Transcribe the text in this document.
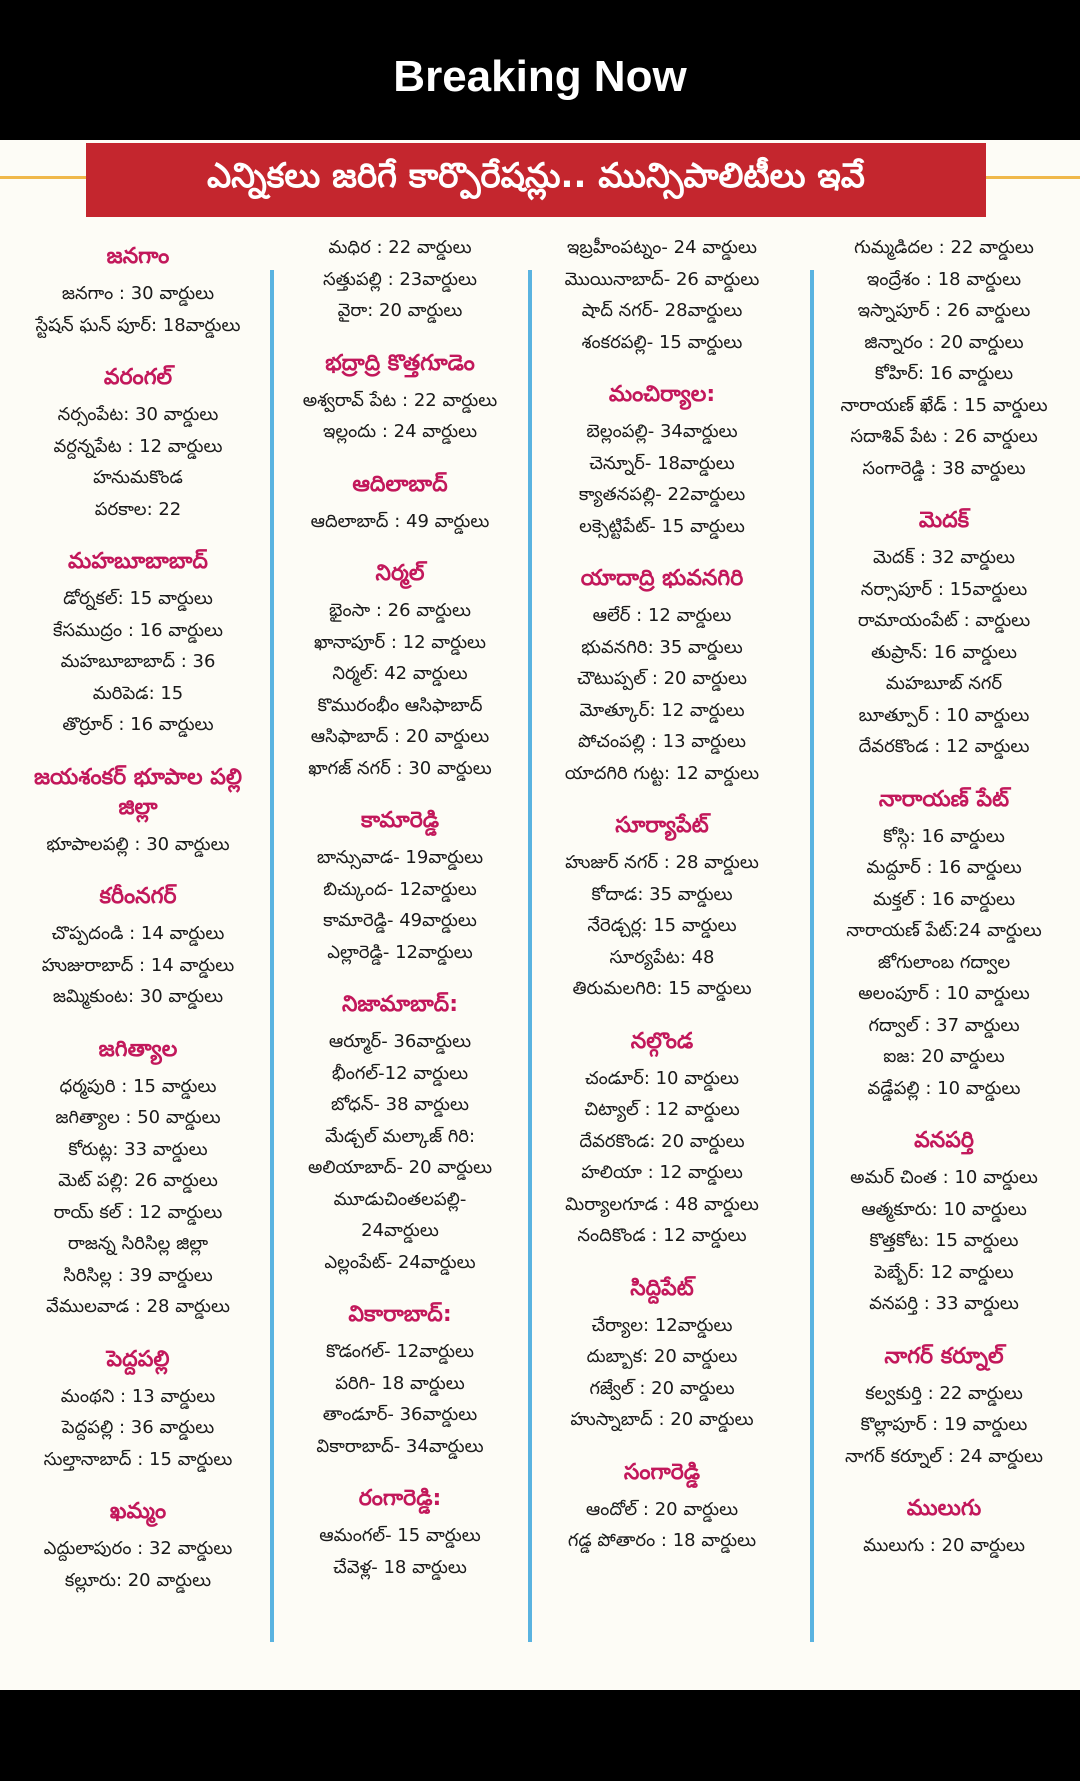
Breaking Now
ఎన్నికలు జరిగే కార్పొరేషన్లు.. మున్సిపాలిటీలు ఇవే
జనగాం
జనగాం : 30 వార్డులు
స్టేషన్ ఘన్ పూర్: 18వార్డులు
వరంగల్
నర్సంపేట: 30 వార్డులు
వర్దన్నపేట : 12 వార్డులు
హనుమకొండ
పరకాల: 22
మహబూబాబాద్
డోర్నకల్: 15 వార్డులు
కేసముద్రం : 16 వార్డులు
మహబూబాబాద్ : 36
మరిపెడ: 15
తొర్రూర్ : 16 వార్డులు
జయశంకర్ భూపాల పల్లి జిల్లా
భూపాలపల్లి : 30 వార్డులు
కరీంనగర్
చొప్పదండి : 14 వార్డులు
హుజురాబాద్ : 14 వార్డులు
జమ్మికుంట: 30 వార్డులు
జగిత్యాల
ధర్మపురి : 15 వార్డులు
జగిత్యాల : 50 వార్డులు
కోరుట్ల: 33 వార్డులు
మెట్ పల్లి: 26 వార్డులు
రాయ్ కల్ : 12 వార్డులు
రాజన్న సిరిసిల్ల జిల్లా
సిరిసిల్ల : 39 వార్డులు
వేములవాడ : 28 వార్డులు
పెద్దపల్లి
మంథని : 13 వార్డులు
పెద్దపల్లి : 36 వార్డులు
సుల్తానాబాద్ : 15 వార్డులు
ఖమ్మం
ఎద్దులాపురం : 32 వార్డులు
కల్లూరు: 20 వార్డులు
మధిర : 22 వార్డులు
సత్తుపల్లి : 23వార్డులు
వైరా: 20 వార్డులు
భద్రాద్రి కొత్తగూడెం
అశ్వరావ్ పేట : 22 వార్డులు
ఇల్లందు : 24 వార్డులు
ఆదిలాబాద్
ఆదిలాబాద్ : 49 వార్డులు
నిర్మల్
భైంసా : 26 వార్డులు
ఖానాపూర్ : 12 వార్డులు
నిర్మల్: 42 వార్డులు
కొమురంభీం ఆసిఫాబాద్
ఆసిఫాబాద్ : 20 వార్డులు
ఖాగజ్ నగర్ : 30 వార్డులు
కామారెడ్డి
బాన్సువాడ- 19వార్డులు
బిచ్కుంద- 12వార్డులు
కామారెడ్డి- 49వార్డులు
ఎల్లారెడ్డి- 12వార్డులు
నిజామాబాద్:
ఆర్మూర్- 36వార్డులు
భీంగల్-12 వార్డులు
బోధన్- 38 వార్డులు
మేడ్చల్ మల్కాజ్ గిరి:
అలియాబాద్- 20 వార్డులు
మూడుచింతలపల్లి-
24వార్డులు
ఎల్లంపేట్- 24వార్డులు
వికారాబాద్:
కొడంగల్- 12వార్డులు
పరిగి- 18 వార్డులు
తాండూర్- 36వార్డులు
వికారాబాద్- 34వార్డులు
రంగారెడ్డి:
ఆమంగల్- 15 వార్డులు
చేవెళ్ల- 18 వార్డులు
ఇబ్రహీంపట్నం- 24 వార్డులు
మొయినాబాద్- 26 వార్డులు
షాద్ నగర్- 28వార్డులు
శంకరపల్లి- 15 వార్డులు
మంచిర్యాల:
బెల్లంపల్లి- 34వార్డులు
చెన్నూర్- 18వార్డులు
క్యాతనపల్లి- 22వార్డులు
లక్సెట్టిపేట్- 15 వార్డులు
యాదాద్రి భువనగిరి
ఆలేర్ : 12 వార్డులు
భువనగిరి: 35 వార్డులు
చౌటుప్పల్ : 20 వార్డులు
మోత్కూర్: 12 వార్డులు
పోచంపల్లి : 13 వార్డులు
యాదగిరి గుట్ట: 12 వార్డులు
సూర్యాపేట్
హుజుర్ నగర్ : 28 వార్డులు
కోదాడ: 35 వార్డులు
నేరెడ్చర్ల: 15 వార్డులు
సూర్యపేట: 48
తిరుమలగిరి: 15 వార్డులు
నల్గొండ
చండూర్: 10 వార్డులు
చిట్యాల్ : 12 వార్డులు
దేవరకొండ: 20 వార్డులు
హలియా : 12 వార్డులు
మిర్యాలగూడ : 48 వార్డులు
నందికొండ : 12 వార్డులు
సిద్దిపేట్
చేర్యాల: 12వార్డులు
దుబ్బాక: 20 వార్డులు
గజ్వేల్ : 20 వార్డులు
హుస్నాబాద్ : 20 వార్డులు
సంగారెడ్డి
ఆందోల్ : 20 వార్డులు
గడ్డ పోతారం : 18 వార్డులు
గుమ్మడిదల : 22 వార్డులు
ఇంద్రేశం : 18 వార్డులు
ఇస్నాపూర్ : 26 వార్డులు
జిన్నారం : 20 వార్డులు
కోహిర్: 16 వార్డులు
నారాయణ్ ఖేడ్ : 15 వార్డులు
సదాశివ్ పేట : 26 వార్డులు
సంగారెడ్డి : 38 వార్డులు
మెదక్
మెదక్ : 32 వార్డులు
నర్సాపూర్ : 15వార్డులు
రామాయంపేట్ : వార్డులు
తుప్రాన్: 16 వార్డులు
మహబూబ్ నగర్
బూత్పూర్ : 10 వార్డులు
దేవరకొండ : 12 వార్డులు
నారాయణ్ పేట్
కోస్గి: 16 వార్డులు
మద్దూర్ : 16 వార్డులు
మక్తల్ : 16 వార్డులు
నారాయణ్ పేట్:24 వార్డులు
జోగులాంబ గద్వాల
అలంపూర్ : 10 వార్డులు
గద్వాల్ : 37 వార్డులు
ఐజ: 20 వార్డులు
వడ్డేపల్లి : 10 వార్డులు
వనపర్తి
అమర్ చింత : 10 వార్డులు
ఆత్మకూరు: 10 వార్డులు
కొత్తకోట: 15 వార్డులు
పెబ్బేర్: 12 వార్డులు
వనపర్తి : 33 వార్డులు
నాగర్ కర్నూల్
కల్వకుర్తి : 22 వార్డులు
కొల్లాపూర్ : 19 వార్డులు
నాగర్ కర్నూల్ : 24 వార్డులు
ములుగు
ములుగు : 20 వార్డులు
